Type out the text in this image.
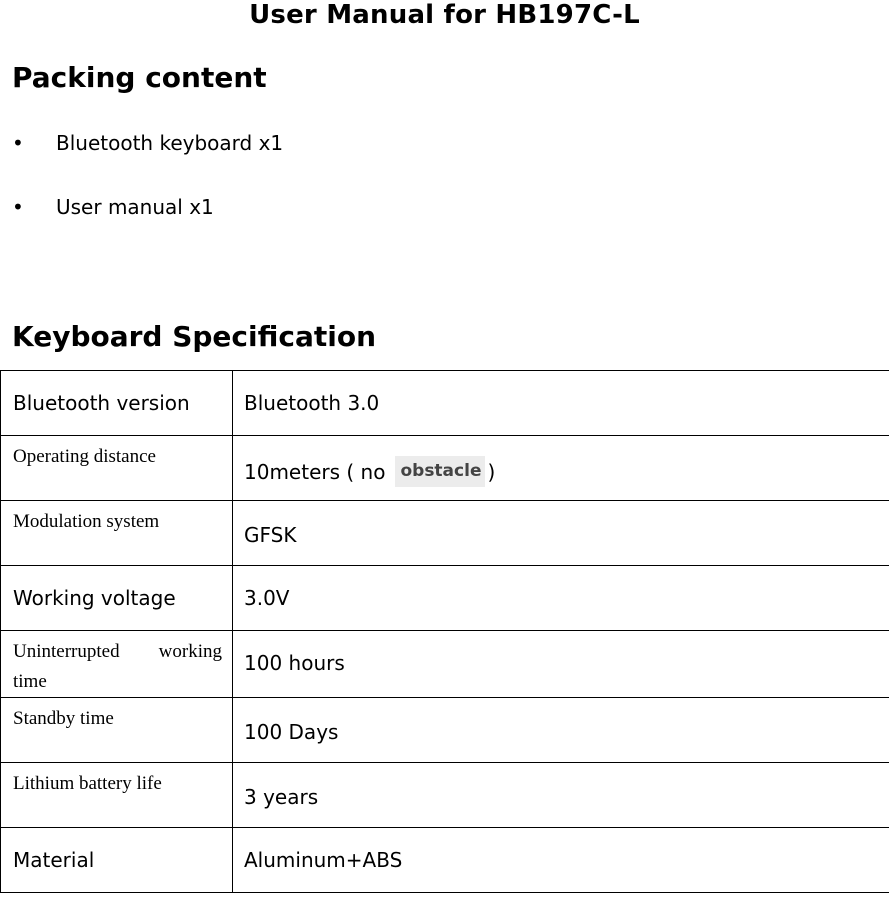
User Manual for HB197C-L
Packing content
•	Bluetooth keyboard x1
•	User manual x1
Keyboard Specification
Bluetooth version	Bluetooth 3.0

Operating distance	10meters ( no obstacle )

Modulation system	GFSK

Working voltage	3.0V

Uninterrupted working time	100 hours

Standby time	100 Days

Lithium battery life	3 years

Material	Aluminum+ABS
